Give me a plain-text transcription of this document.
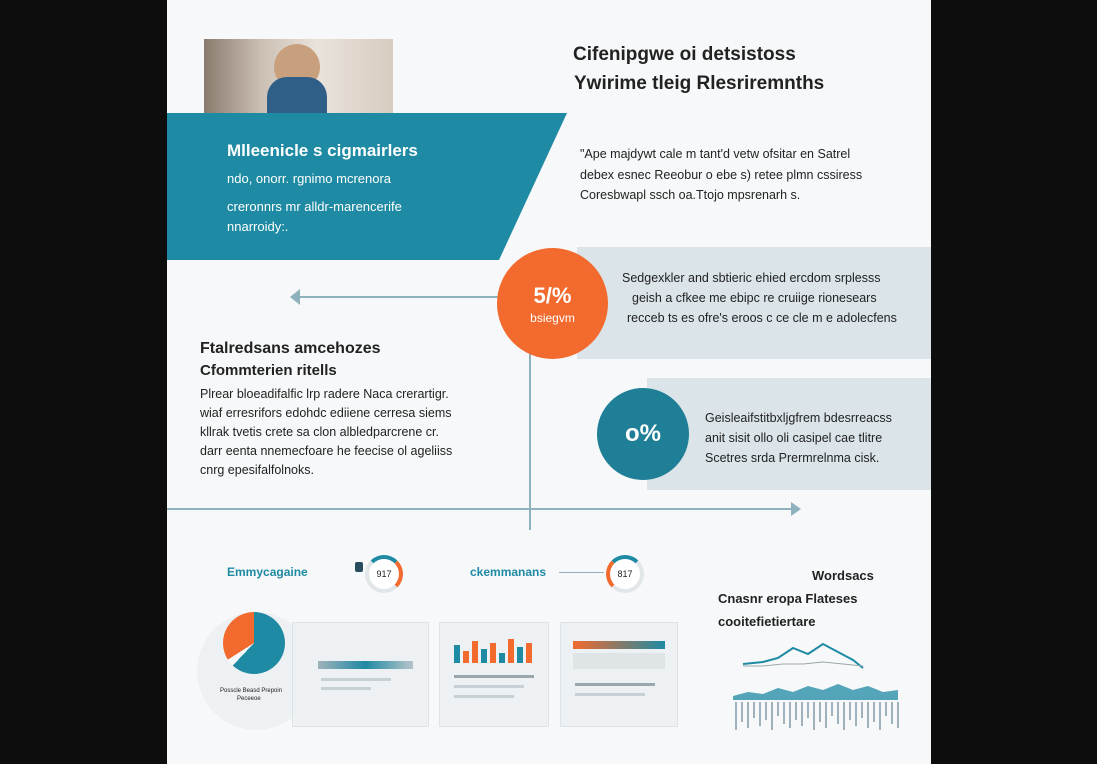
Mlleenicle s cigmairlers
ndo, onorr. rgnimo mcrenora
creronnrs mr alldr-marencerife
nnarroidy:.
Cifenipgwe oi detsistoss
Ywirime tleig Rlesriremnths
"Ape majdywt cale m tant'd vetw ofsitar en Satrel
debex esnec Reeobur o ebe s) retee plmn cssiress
Coresbwapl ssch oa.Ttojo mpsrenarh s.
Sedgexkler and sbtieric ehied ercdom srplesss
geish a cfkee me ebipc re cruiige rionesears
recceb ts es ofre's eroos c ce cle m e adolecfens
Geisleaifstitbxljgfrem bdesrreacss
anit sisit ollo oli casipel cae tlitre
Scetres srda Prermrelnma cisk.
5/%
bsiegvm
o%
Ftalredsans amcehozes
Cfommterien ritells
Plrear bloeadifalfic lrp radere Naca crerartigr.
wiaf erresrifors edohdc ediiene cerresa siems
kllrak tvetis crete sa clon albledparcrene cr.
darr eenta nnemecfoare he feecise ol ageliiss
cnrg epesifalfolnoks.
Emmycagaine	917	ckemmanans	817	Wordsacs
Cnasnr eropa Flateses
cooitefietiertare
Posscle Beasd Prepoin
Peceeoe
